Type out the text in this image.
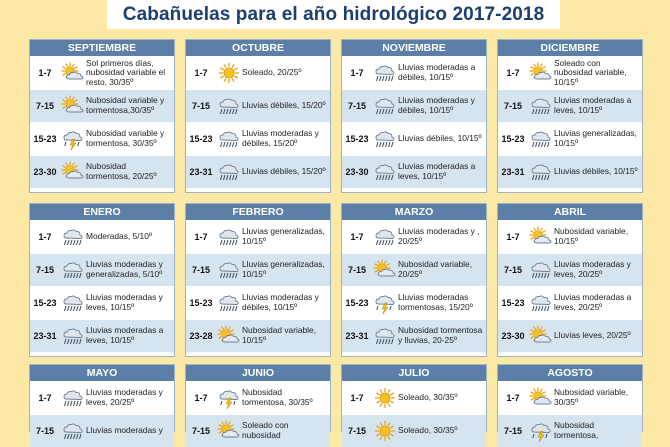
Cabañuelas para el año hidrológico 2017-2018
SEPTIEMBRE
1-7
Sol primeros días, nubosidad variable el resto, 30/35º
7-15
Nubosidad variable y tormentosa,30/35º
15-23
Nubosidad variable y tormentosa, 30/35º
23-30
Nubosidad tormentosa, 20/25º
OCTUBRE
1-7	Soleado, 20/25º
7-15	Lluvias débiles, 15/20º
15-23
Lluvias moderadas y débiles, 15/20º
23-31	Lluvias débiles, 15/20º
NOVIEMBRE
1-7
Lluvias moderadas a débiles, 10/15º
7-15
Lluvias moderadas y débiles, 10/15º
15-23	Lluvias débiles, 10/15º
23-30
Lluvias moderadas a leves, 10/15º
DICIEMBRE
1-7
Soleado con nubosidad variable, 10/15º
7-15
Lluvias moderadas a leves, 10/15º
15-23
Lluvias generalizadas, 10/15º
23-31	Lluvias débiles, 10/15º
ENERO
1-7	Moderadas, 5/10º
7-15
Lluvias moderadas y generalizadas, 5/10º
15-23
Lluvias moderadas y leves, 10/15º
23-31
Lluvias moderadas a leves, 10/15º
FEBRERO
1-7
Lluvias generalizadas, 10/15º
7-15
Lluvias generalizadas, 10/15º
15-23
Lluvias moderadas y débiles, 10/15º
23-28
Nubosidad variable, 10/15º
MARZO
1-7
Lluvias moderadas y , 20/25º
7-15
Nubosidad variable, 20/25º
15-23
Lluvias moderadas tormentosas, 15/20º
23-31
Nubosidad tormentosa y lluvias, 20-25º
ABRIL
1-7
Nubosidad variable, 10/15º
7-15
Lluvias moderadas y leves, 20/25º
15-23
Lluvias moderadas a leves, 20/25º
23-30	Lluvias leves, 20/25º
MAYO
1-7
Lluvias moderadas y leves, 20/25º
7-15	Lluvias moderadas y
JUNIO
1-7
Nubosidad tormentosa, 30/35º
7-15
Soleado con nubosidad
JULIO
1-7	Soleado, 30/35º
7-15	Soleado, 30/35º
AGOSTO
1-7
Nubosidad variable, 30/35º
7-15
Nubosidad tormentosa,
